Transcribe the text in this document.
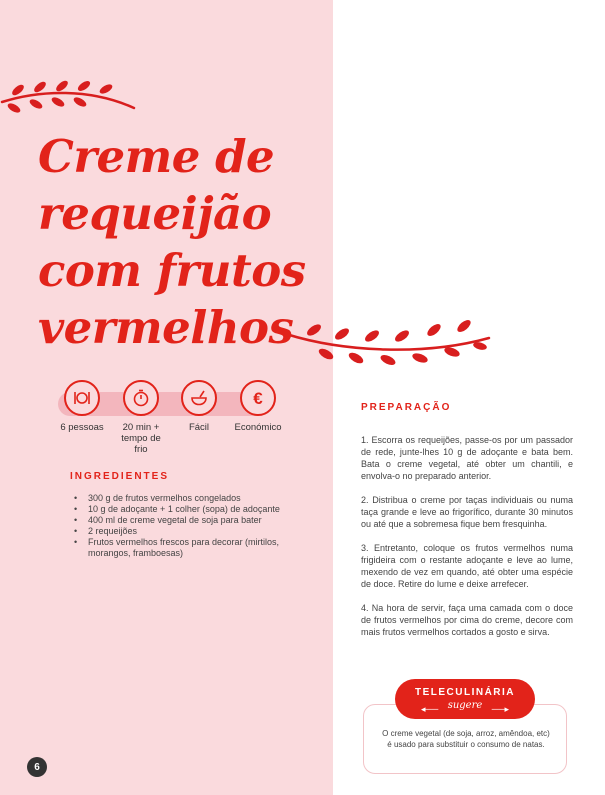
Creme de
requeijão
com frutos
vermelhos
6 pessoas	20 min +
tempo de
frio
Fácil
€
Económico
INGREDIENTES
• 300 g de frutos vermelhos congelados
• 10 g de adoçante + 1 colher (sopa) de adoçante
• 400 ml de creme vegetal de soja para bater
• 2 requeijões
• Frutos vermelhos frescos para decorar (mirtilos, morangos, framboesas)
PREPARAÇÃO

1. Escorra os requeijões, passe-os por um passador de rede, junte-lhes 10 g de adoçante e bata bem. Bata o creme vegetal, até obter um chantili, e envolva-o no preparado anterior.

2. Distribua o creme por taças individuais ou numa taça grande e leve ao frigorífico, durante 30 minutos ou até que a sobremesa fique bem fresquinha.

3. Entretanto, coloque os frutos vermelhos numa frigideira com o restante adoçante e leve ao lume, mexendo de vez em quando, até obter uma espécie de doce. Retire do lume e deixe arrefecer.

4. Na hora de servir, faça uma camada com o doce de frutos vermelhos por cima do creme, decore com mais frutos vermelhos cortados a gosto e sirva.

TELECULINÁRIA
sugere
◂──	──▸
O creme vegetal (de soja, arroz, amêndoa, etc) é usado para substituir o consumo de natas.
6
